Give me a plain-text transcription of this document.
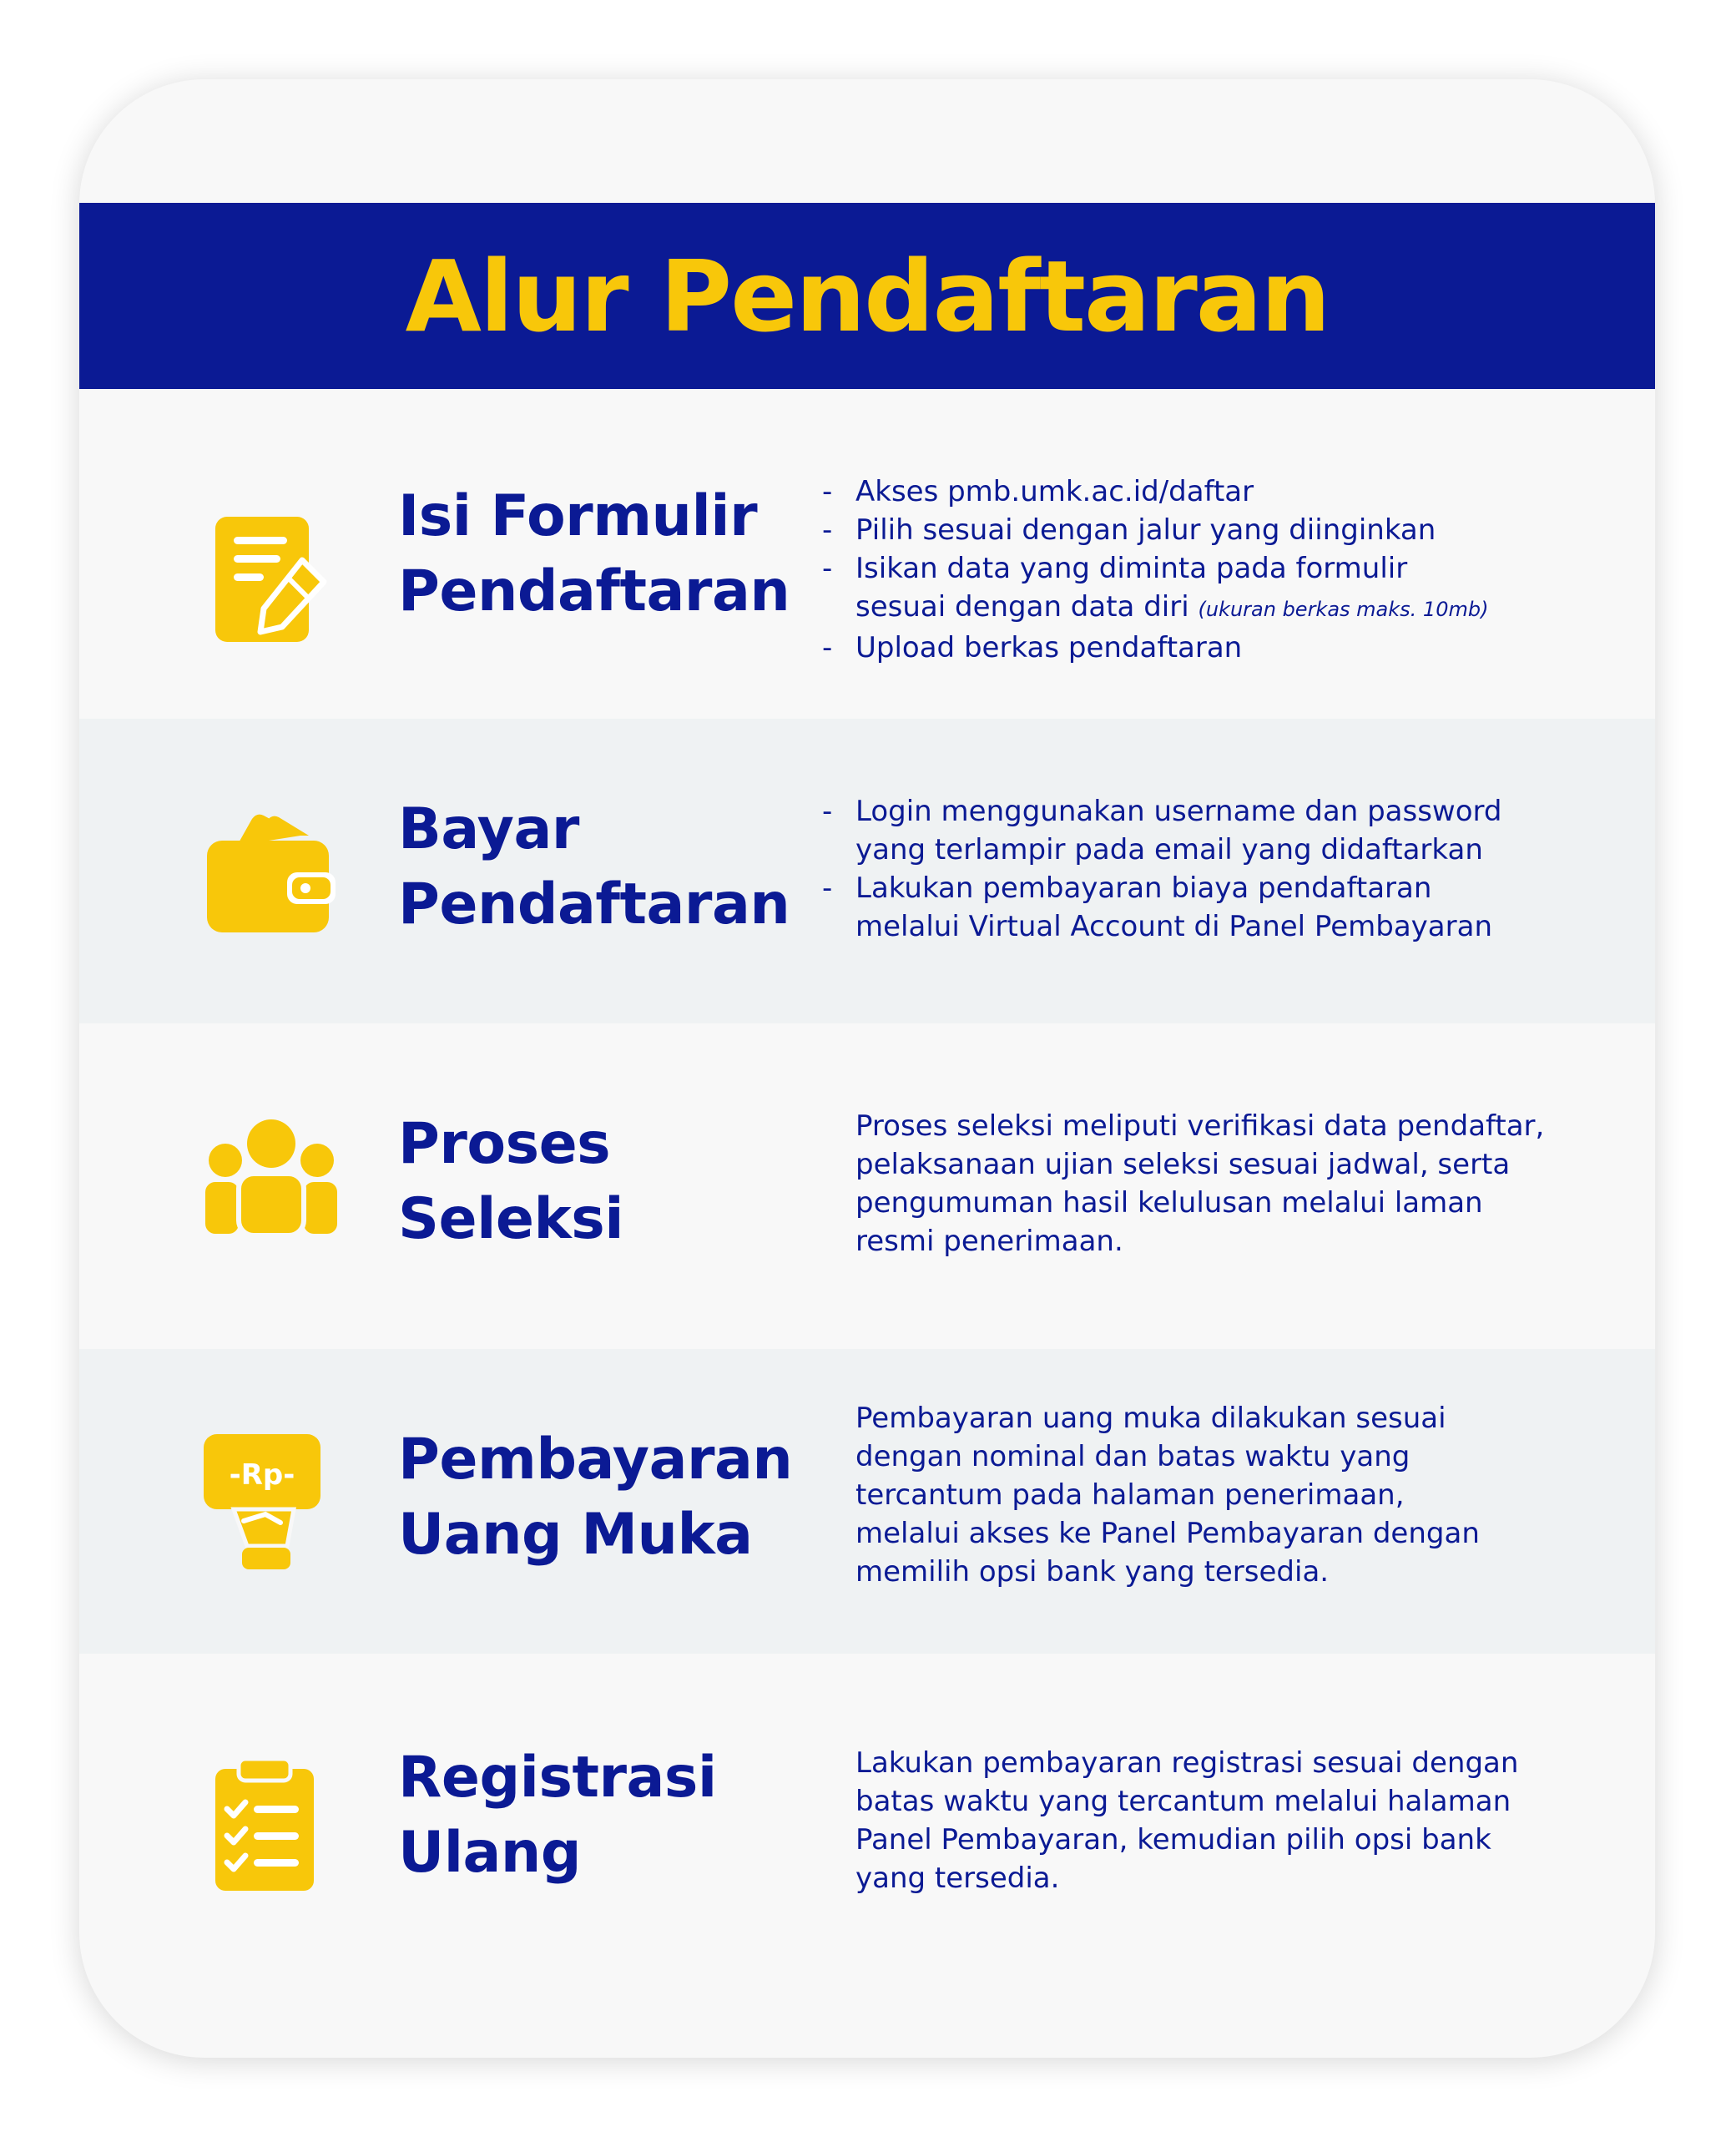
Alur Pendaftaran
Isi Formulir
Pendaftaran
- Akses pmb.umk.ac.id/daftar
- Pilih sesuai dengan jalur yang diinginkan
- Isikan data yang diminta pada formulir
sesuai dengan data diri (ukuran berkas maks. 10mb)
- Upload berkas pendaftaran
Bayar
Pendaftaran
- Login menggunakan username dan password
yang terlampir pada email yang didaftarkan
- Lakukan pembayaran biaya pendaftaran
melalui Virtual Account di Panel Pembayaran
Proses
Seleksi

Proses seleksi meliputi verifikasi data pendaftar,

pelaksanaan ujian seleksi sesuai jadwal, serta

pengumuman hasil kelulusan melalui laman

resmi penerimaan.

-Rp- Pembayaran
Uang Muka

Pembayaran uang muka dilakukan sesuai

dengan nominal dan batas waktu yang

tercantum pada halaman penerimaan,

melalui akses ke Panel Pembayaran dengan

memilih opsi bank yang tersedia.

Registrasi
Ulang

Lakukan pembayaran registrasi sesuai dengan

batas waktu yang tercantum melalui halaman

Panel Pembayaran, kemudian pilih opsi bank

yang tersedia.
